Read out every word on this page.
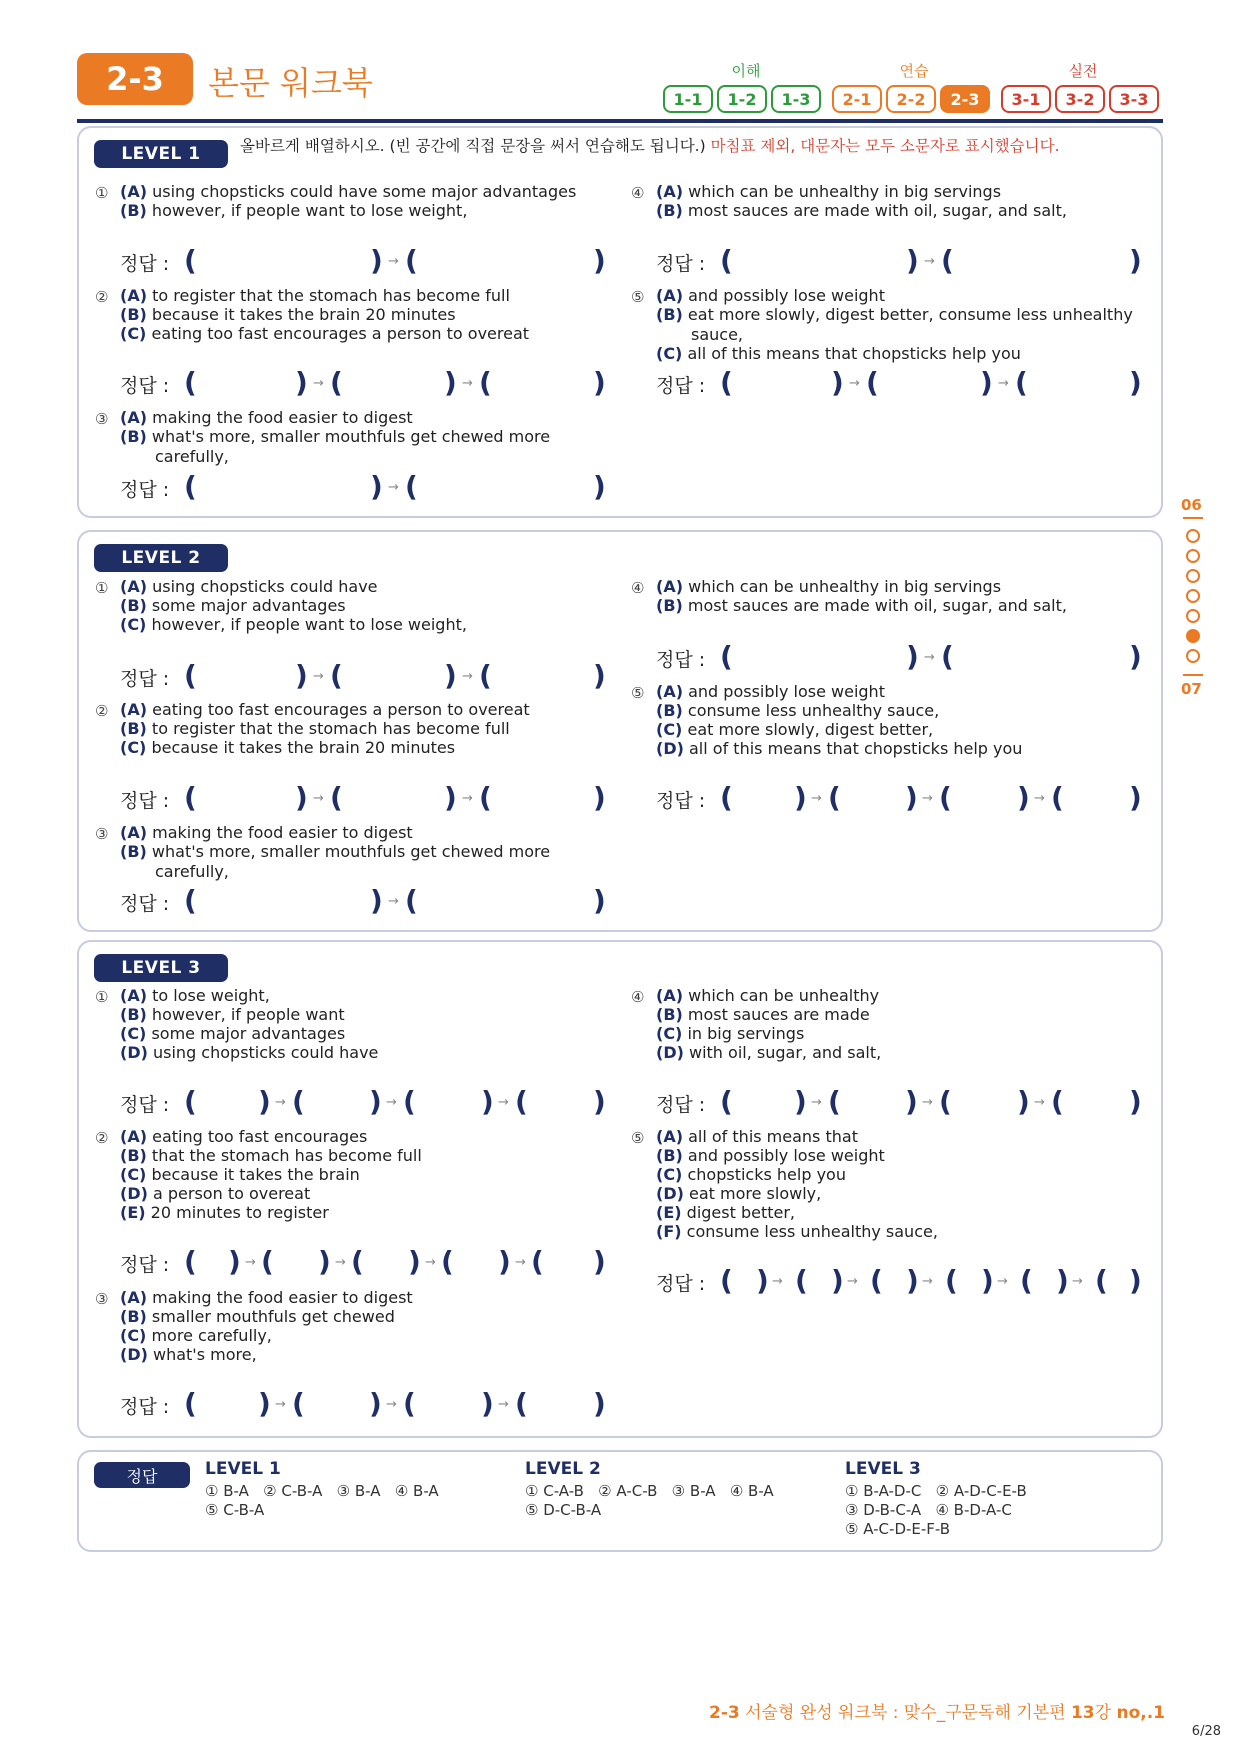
2-3	본문 워크북	이해	연습	실전
1-1	1-2	1-3	2-1	2-2	2-3	3-1	3-2	3-3
LEVEL 1	올바르게 배열하시오. (빈 공간에 직접 문장을 써서 연습해도 됩니다.) 마침표 제외, 대문자는 모두 소문자로 표시했습니다.
① (A) using chopsticks could have some major advantages
(B) however, if people want to lose weight,
정답 : (	) → (	)
② (A) to register that the stomach has become full
(B) because it takes the brain 20 minutes
(C) eating too fast encourages a person to overeat
정답 : (	) → (	) → (	)
③ (A) making the food easier to digest
(B) what's more, smaller mouthfuls get chewed more carefully,
정답 : (	) → (	)
④ (A) which can be unhealthy in big servings
(B) most sauces are made with oil, sugar, and salt,
정답 : (	) → (	)
⑤ (A) and possibly lose weight
(B) eat more slowly, digest better, consume less unhealthy sauce,
(C) all of this means that chopsticks help you
정답 : (	) → (	) → (	)
LEVEL 2
① (A) using chopsticks could have
(B) some major advantages
(C) however, if people want to lose weight,
정답 : (	) → (	) → (	)
② (A) eating too fast encourages a person to overeat
(B) to register that the stomach has become full
(C) because it takes the brain 20 minutes
정답 : (	) → (	) → (	)
③ (A) making the food easier to digest
(B) what's more, smaller mouthfuls get chewed more carefully,
정답 : (	) → (	)
④ (A) which can be unhealthy in big servings
(B) most sauces are made with oil, sugar, and salt,
정답 : (	) → (	)
⑤ (A) and possibly lose weight
(B) consume less unhealthy sauce,
(C) eat more slowly, digest better,
(D) all of this means that chopsticks help you
정답 : ( ) → ( ) → ( ) → ( )
LEVEL 3
① (A) to lose weight,
(B) however, if people want
(C) some major advantages
(D) using chopsticks could have
정답 : ( ) → ( ) → ( ) → ( )
② (A) eating too fast encourages
(B) that the stomach has become full
(C) because it takes the brain
(D) a person to overeat
(E) 20 minutes to register
정답 : ( ) → ( ) → ( ) → ( ) → ( )
③ (A) making the food easier to digest
(B) smaller mouthfuls get chewed
(C) more carefully,
(D) what's more,
정답 : ( ) → ( ) → ( ) → ( )
④ (A) which can be unhealthy
(B) most sauces are made
(C) in big servings
(D) with oil, sugar, and salt,
정답 : ( ) → ( ) → ( ) → ( )
⑤ (A) all of this means that
(B) and possibly lose weight
(C) chopsticks help you
(D) eat more slowly,
(E) digest better,
(F) consume less unhealthy sauce,
정답 : ( ) → ( ) → ( ) → ( ) → ( ) → ( )
정답	LEVEL 1
① B-A   ② C-B-A   ③ B-A   ④ B-A
⑤ C-B-A
LEVEL 2
① C-A-B   ② A-C-B   ③ B-A   ④ B-A
⑤ D-C-B-A
LEVEL 3
① B-A-D-C   ② A-D-C-E-B
③ D-B-C-A   ④ B-D-A-C
⑤ A-C-D-E-F-B
06
07
2-3 서술형 완성 워크북 : 맞수_구문독해 기본편 13강 no,.1
6/28
